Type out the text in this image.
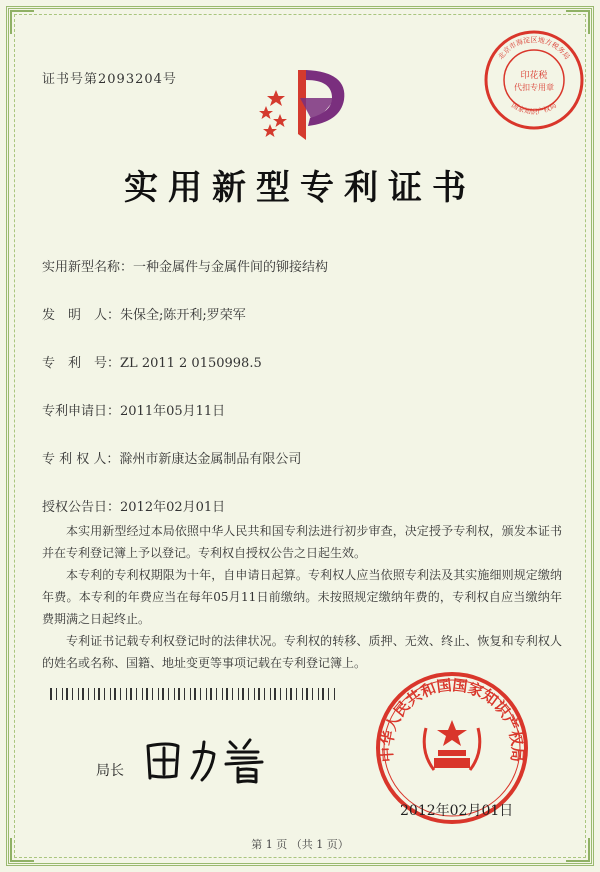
证书号第2093204号	印花税
代扣专用章
北京市海淀区地方税务局
国家知识产权局
实用新型专利证书
实用新型名称：一种金属件与金属件间的铆接结构
发　明　人：朱保全;陈开利;罗荣军
专　利　号：ZL 2011 2 0150998.5
专利申请日：2011年05月11日
专 利 权 人：滁州市新康达金属制品有限公司
授权公告日：2012年02月01日

本实用新型经过本局依照中华人民共和国专利法进行初步审查，决定授予专利权，颁发本证书并在专利登记簿上予以登记。专利权自授权公告之日起生效。

本专利的专利权期限为十年，自申请日起算。专利权人应当依照专利法及其实施细则规定缴纳年费。本专利的年费应当在每年05月11日前缴纳。未按照规定缴纳年费的，专利权自应当缴纳年费期满之日起终止。

专利证书记载专利权登记时的法律状况。专利权的转移、质押、无效、终止、恢复和专利权人的姓名或名称、国籍、地址变更等事项记载在专利登记簿上。

局长
中华人民共和国国家知识产权局
2012年02月01日
第 1 页 （共 1 页）
